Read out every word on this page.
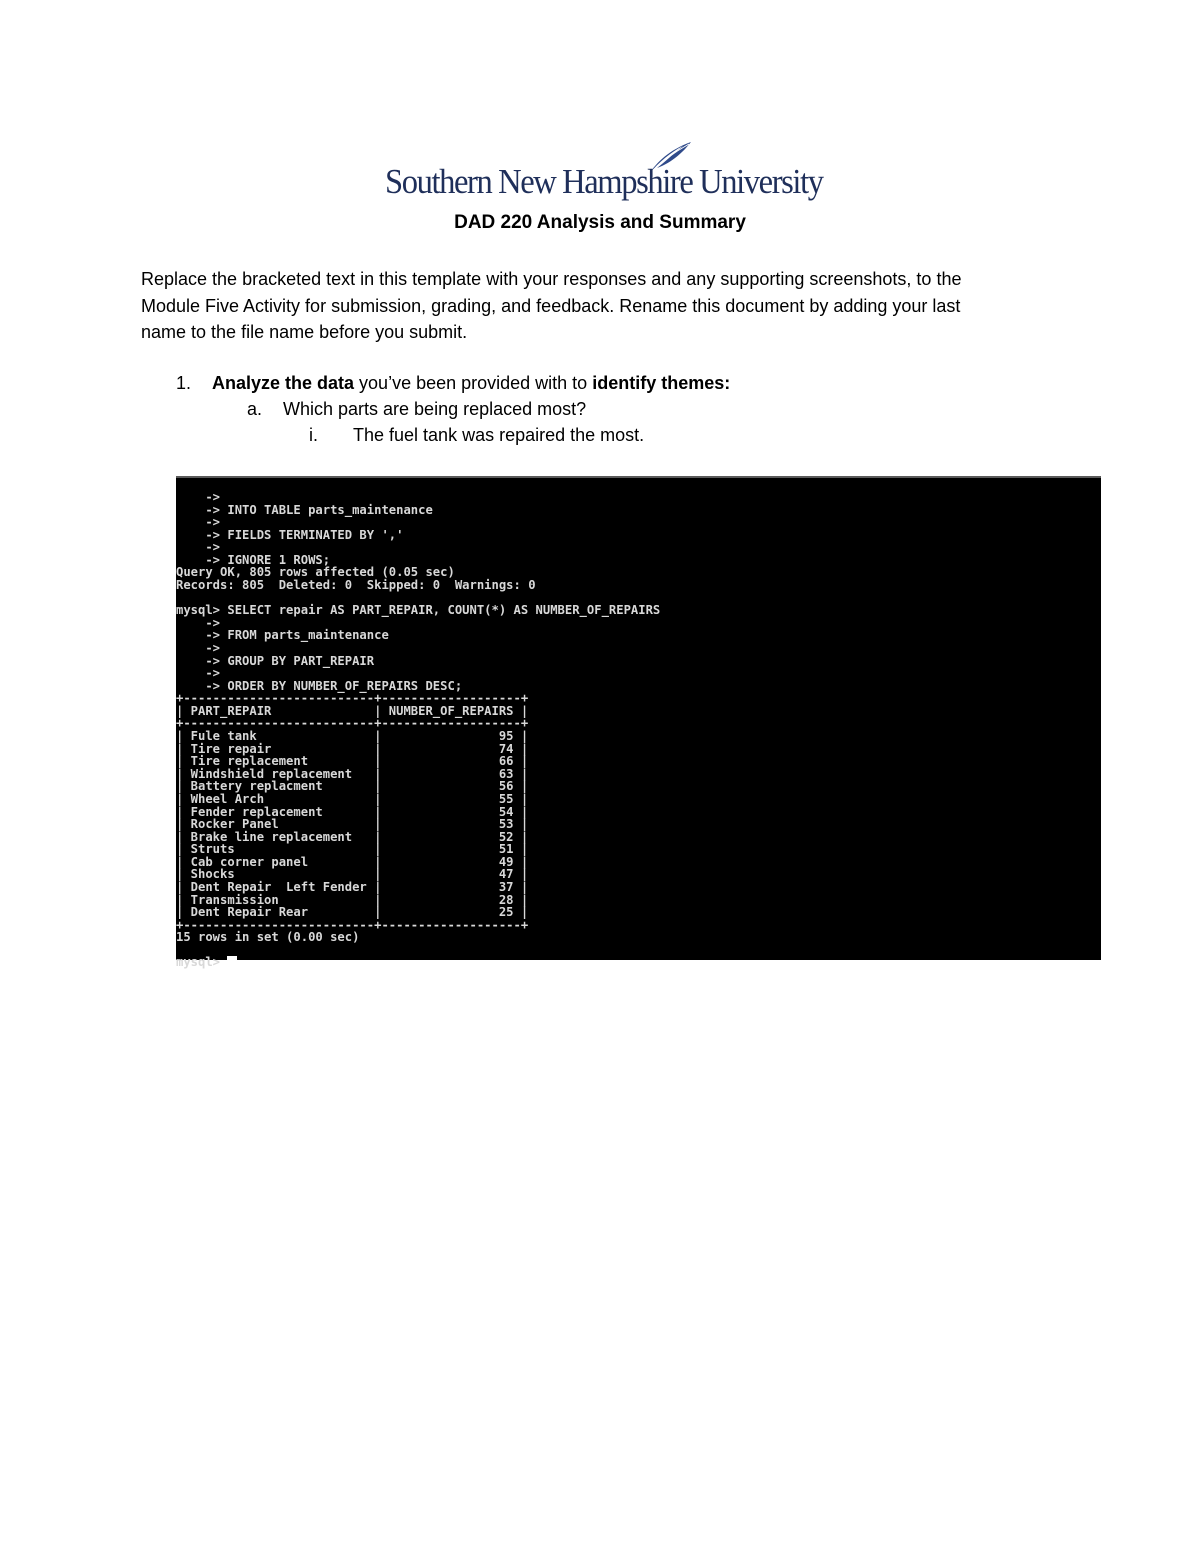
Southern New Hampshire University
DAD 220 Analysis and Summary
Replace the bracketed text in this template with your responses and any supporting screenshots, to the
Module Five Activity for submission, grading, and feedback. Rename this document by adding your last
name to the file name before you submit.
1. Analyze the data you’ve been provided with to identify themes:
a. Which parts are being replaced most?
i. The fuel tank was repaired the most.
->
-> INTO TABLE parts_maintenance
->
-> FIELDS TERMINATED BY ','
->
-> IGNORE 1 ROWS;
Query OK, 805 rows affected (0.05 sec)
Records: 805  Deleted: 0  Skipped: 0  Warnings: 0
mysql> SELECT repair AS PART_REPAIR, COUNT(*) AS NUMBER_OF_REPAIRS
->
-> FROM parts_maintenance
->
-> GROUP BY PART_REPAIR
->
-> ORDER BY NUMBER_OF_REPAIRS DESC;
+--------------------------+-------------------+
| PART_REPAIR              | NUMBER_OF_REPAIRS |
+--------------------------+-------------------+
| Fule tank                |                95 |
| Tire repair              |                74 |
| Tire replacement         |                66 |
| Windshield replacement   |                63 |
| Battery replacment       |                56 |
| Wheel Arch               |                55 |
| Fender replacement       |                54 |
| Rocker Panel             |                53 |
| Brake line replacement   |                52 |
| Struts                   |                51 |
| Cab corner panel         |                49 |
| Shocks                   |                47 |
| Dent Repair  Left Fender |                37 |
| Transmission             |                28 |
| Dent Repair Rear         |                25 |
+--------------------------+-------------------+
15 rows in set (0.00 sec)
mysql>
